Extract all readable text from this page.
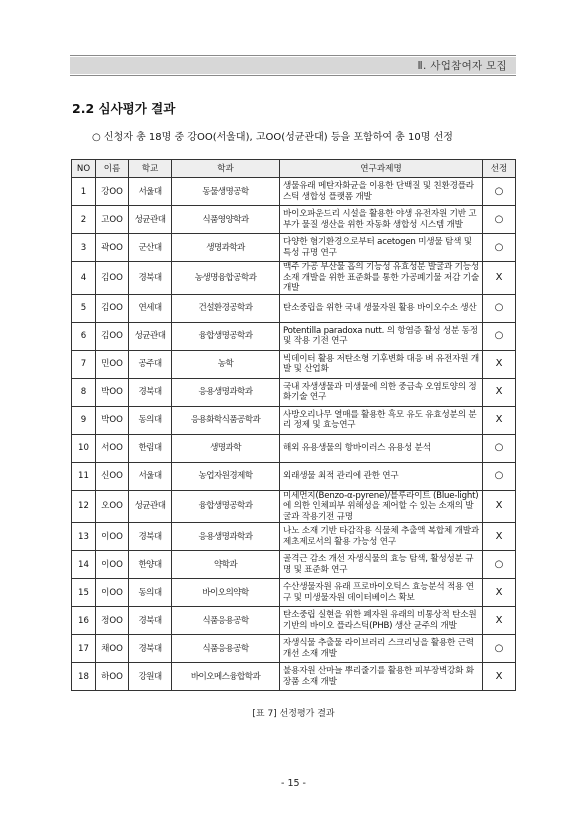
Ⅱ. 사업참여자 모집
2.2 심사평가 결과
○ 신청자 총 18명 중 강OO(서울대), 고OO(성균관대) 등을 포함하여 총 10명 선정
NO	이름	학교	학과	연구과제명	선정
1	강OO	서울대	동물생명공학	생물유래 메탄자화균을 이용한 단백질 및 친환경플라스틱 생합성 플랫폼 개발	○
2	고OO	성균관대	식품영양학과	바이오파운드리 시설을 활용한 야생 유전자원 기반 고부가 물질 생산을 위한 자동화 생합성 시스템 개발	○
3	곽OO	군산대	생명과학과	다양한 혐기환경으로부터 acetogen 미생물 탐색 및 특성 규명 연구	○
4	김OO	경북대	농생명융합공학과	맥주 가공 부산물 흡의 기능성 유효성분 발굴과 기능성 소재 개발을 위한 표준화를 통한 가공폐기물 저감 기술 개발	X
5	김OO	연세대	건설환경공학과	탄소중립을 위한 국내 생물자원 활용 바이오수소 생산	○
6	김OO	성균관대	융합생명공학과	Potentilla paradoxa nutt. 의 항염증 활성 성분 동정 및 작용 기전 연구	○
7	민OO	공주대	농학	빅데이터 활용 저탄소형 기후변화 대응 벼 유전자원 개발 및 산업화	X
8	박OO	경북대	응용생명과학과	국내 자생생물과 미생물에 의한 중금속 오염토양의 정화기술 연구	X
9	박OO	동의대	응용화학식품공학과	사방오리나무 열매를 활용한 흑모 유도 유효성분의 분리 정제 및 효능연구	X
10	서OO	한림대	생명과학	해외 유용생물의 항바이러스 유용성 분석	○
11	신OO	서울대	농업자원경제학	외래생물 최적 관리에 관한 연구	○
12	오OO	성균관대	융합생명공학과	미세먼지(Benzo-α-pyrene)/블루라이트 (Blue-light)에 의한 인체피부 위해성을 제어할 수 있는 소재의 발굴과 작용기전 규명	X
13	이OO	경북대	응용생명과학과	나노 소재 기반 타감작용 식물체 추출액 복합체 개발과 제초제로서의 활용 가능성 연구	X
14	이OO	한양대	약학과	골격근 감소 개선 자생식물의 효능 탐색, 활성성분 규명 및 표준화 연구	○
15	이OO	동의대	바이오의약학	수산생물자원 유래 프로바이오틱스 효능분석 적용 연구 및 미생물자원 데이터베이스 확보	X
16	정OO	경북대	식품응용공학	탄소중립 실현을 위한 폐자원 유래의 비통상적 탄소원 기반의 바이오 플라스틱(PHB) 생산 균주의 개발	X
17	채OO	경북대	식품응용공학	자생식물 추출물 라이브러리 스크리닝을 활용한 근력 개선 소재 개발	○
18	하OO	강원대	바이오메스융합학과	불용자원 산마늘 뿌리줄기를 활용한 피부장벽강화 화장품 소재 개발	X
[표 7] 선정평가 결과
- 15 -
